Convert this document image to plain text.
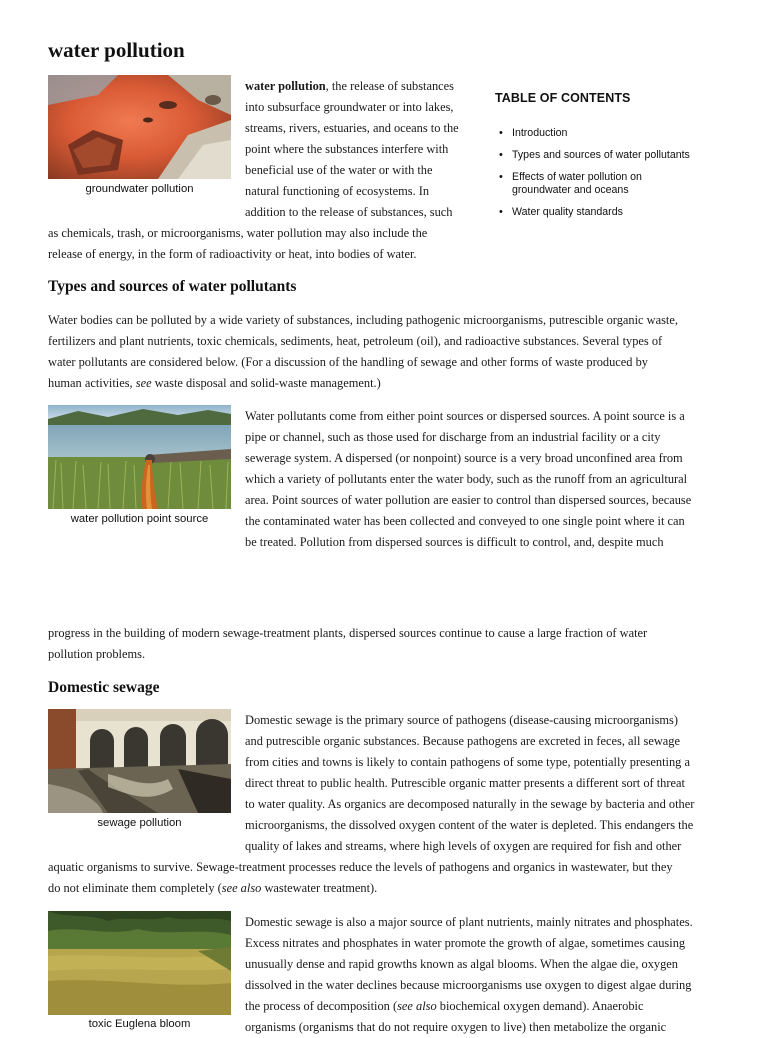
water pollution
groundwater pollution
water pollution, the release of substances
into subsurface groundwater or into lakes,
streams, rivers, estuaries, and oceans to the
point where the substances interfere with
beneficial use of the water or with the
natural functioning of ecosystems. In
addition to the release of substances, such
as chemicals, trash, or microorganisms, water pollution may also include the
release of energy, in the form of radioactivity or heat, into bodies of water.
TABLE OF CONTENTS
• Introduction
• Types and sources of water pollutants
• Effects of water pollution on
groundwater and oceans
• Water quality standards
Types and sources of water pollutants
Water bodies can be polluted by a wide variety of substances, including pathogenic microorganisms, putrescible organic waste,
fertilizers and plant nutrients, toxic chemicals, sediments, heat, petroleum (oil), and radioactive substances. Several types of
water pollutants are considered below. (For a discussion of the handling of sewage and other forms of waste produced by
human activities, see waste disposal and solid-waste management.)
water pollution point source
Water pollutants come from either point sources or dispersed sources. A point source is a
pipe or channel, such as those used for discharge from an industrial facility or a city
sewerage system. A dispersed (or nonpoint) source is a very broad unconfined area from
which a variety of pollutants enter the water body, such as the runoff from an agricultural
area. Point sources of water pollution are easier to control than dispersed sources, because
the contaminated water has been collected and conveyed to one single point where it can
be treated. Pollution from dispersed sources is difficult to control, and, despite much
progress in the building of modern sewage-treatment plants, dispersed sources continue to cause a large fraction of water
pollution problems.
Domestic sewage
sewage pollution
Domestic sewage is the primary source of pathogens (disease-causing microorganisms)
and putrescible organic substances. Because pathogens are excreted in feces, all sewage
from cities and towns is likely to contain pathogens of some type, potentially presenting a
direct threat to public health. Putrescible organic matter presents a different sort of threat
to water quality. As organics are decomposed naturally in the sewage by bacteria and other
microorganisms, the dissolved oxygen content of the water is depleted. This endangers the
quality of lakes and streams, where high levels of oxygen are required for fish and other
aquatic organisms to survive. Sewage-treatment processes reduce the levels of pathogens and organics in wastewater, but they
do not eliminate them completely (see also wastewater treatment).
toxic Euglena bloom
Domestic sewage is also a major source of plant nutrients, mainly nitrates and phosphates.
Excess nitrates and phosphates in water promote the growth of algae, sometimes causing
unusually dense and rapid growths known as algal blooms. When the algae die, oxygen
dissolved in the water declines because microorganisms use oxygen to digest algae during
the process of decomposition (see also biochemical oxygen demand). Anaerobic
organisms (organisms that do not require oxygen to live) then metabolize the organic
